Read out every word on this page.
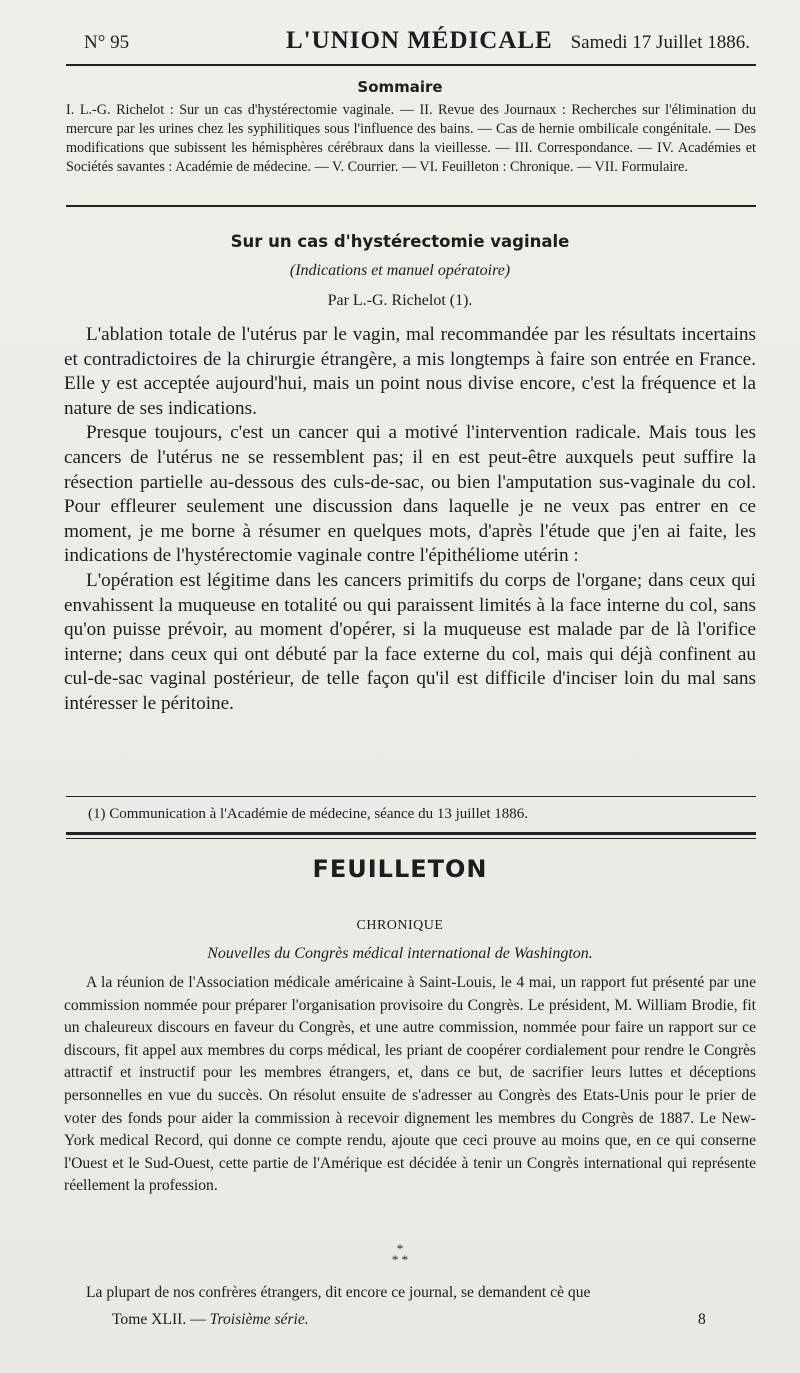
N° 95	L'UNION MÉDICALE Samedi 17 Juillet 1886.
Sommaire
I. L.-G. Richelot : Sur un cas d'hystérectomie vaginale. — II. Revue des Journaux : Recherches sur l'élimination du mercure par les urines chez les syphilitiques sous l'influence des bains. — Cas de hernie ombilicale congénitale. — Des modifications que subissent les hémisphères cérébraux dans la vieillesse. — III. Correspondance. — IV. Académies et Sociétés savantes : Académie de médecine. — V. Courrier. — VI. Feuilleton : Chronique. — VII. Formulaire.
Sur un cas d'hystérectomie vaginale
(Indications et manuel opératoire)
Par L.-G. Richelot (1).

L'ablation totale de l'utérus par le vagin, mal recommandée par les résultats incertains et contradictoires de la chirurgie étrangère, a mis longtemps à faire son entrée en France. Elle y est acceptée aujourd'hui, mais un point nous divise encore, c'est la fréquence et la nature de ses indications.

Presque toujours, c'est un cancer qui a motivé l'intervention radicale. Mais tous les cancers de l'utérus ne se ressemblent pas; il en est peut-être auxquels peut suffire la résection partielle au-dessous des culs-de-sac, ou bien l'amputation sus-vaginale du col. Pour effleurer seulement une discussion dans laquelle je ne veux pas entrer en ce moment, je me borne à résumer en quelques mots, d'après l'étude que j'en ai faite, les indications de l'hystérectomie vaginale contre l'épithéliome utérin :

L'opération est légitime dans les cancers primitifs du corps de l'organe; dans ceux qui envahissent la muqueuse en totalité ou qui paraissent limités à la face interne du col, sans qu'on puisse prévoir, au moment d'opérer, si la muqueuse est malade par de là l'orifice interne; dans ceux qui ont débuté par la face externe du col, mais qui déjà confinent au cul-de-sac vaginal postérieur, de telle façon qu'il est difficile d'inciser loin du mal sans intéresser le péritoine.

(1) Communication à l'Académie de médecine, séance du 13 juillet 1886.
FEUILLETON
CHRONIQUE
Nouvelles du Congrès médical international de Washington.

A la réunion de l'Association médicale américaine à Saint-Louis, le 4 mai, un rapport fut présenté par une commission nommée pour préparer l'organisation provisoire du Congrès. Le président, M. William Brodie, fit un chaleureux discours en faveur du Congrès, et une autre commission, nommée pour faire un rapport sur ce discours, fit appel aux membres du corps médical, les priant de coopérer cordialement pour rendre le Congrès attractif et instructif pour les membres étrangers, et, dans ce but, de sacrifier leurs luttes et déceptions personnelles en vue du succès. On résolut ensuite de s'adresser au Congrès des Etats-Unis pour le prier de voter des fonds pour aider la commission à recevoir dignement les membres du Congrès de 1887. Le New-York medical Record, qui donne ce compte rendu, ajoute que ceci prouve au moins que, en ce qui conserne l'Ouest et le Sud-Ouest, cette partie de l'Amérique est décidée à tenir un Congrès international qui représente réellement la profession.

*
* *
La plupart de nos confrères étrangers, dit encore ce journal, se demandent cè que
Tome XLII. — Troisième série.	8
